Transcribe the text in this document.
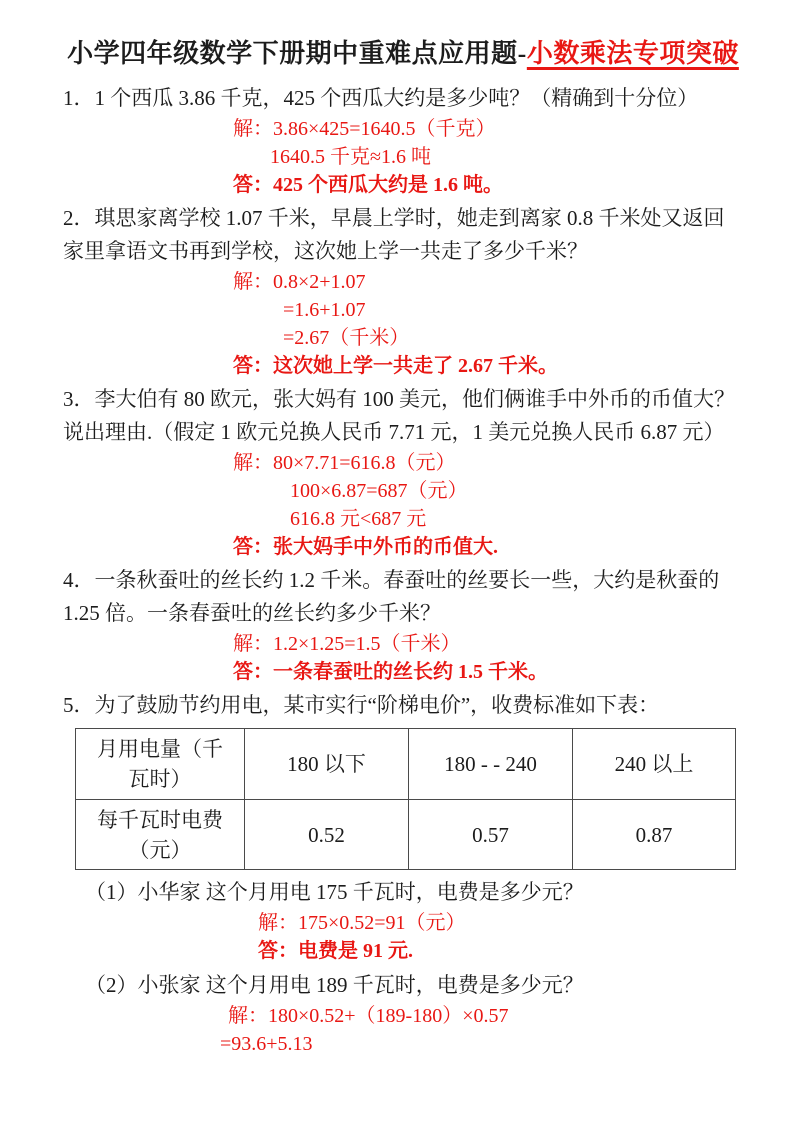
小学四年级数学下册期中重难点应用题-小数乘法专项突破
1．1 个西瓜 3.86 千克，425 个西瓜大约是多少吨？（精确到十分位）
解：3.86×425=1640.5（千克）
1640.5 千克≈1.6 吨
答：425 个西瓜大约是 1.6 吨。
2．琪思家离学校 1.07 千米，早晨上学时，她走到离家 0.8 千米处又返回
家里拿语文书再到学校，这次她上学一共走了多少千米？
解：0.8×2+1.07
=1.6+1.07
=2.67（千米）
答：这次她上学一共走了 2.67 千米。
3．李大伯有 80 欧元，张大妈有 100 美元，他们俩谁手中外币的币值大？
说出理由.（假定 1 欧元兑换人民币 7.71 元，1 美元兑换人民币 6.87 元）
解：80×7.71=616.8（元）
100×6.87=687（元）
616.8 元<687 元
答：张大妈手中外币的币值大.
4．一条秋蚕吐的丝长约 1.2 千米。春蚕吐的丝要长一些，大约是秋蚕的
1.25 倍。一条春蚕吐的丝长约多少千米？
解：1.2×1.25=1.5（千米）
答：一条春蚕吐的丝长约 1.5 千米。
5．为了鼓励节约用电，某市实行“阶梯电价”，收费标准如下表：
月用电量（千瓦时）	180 以下	180 - - 240	240 以上
每千瓦时电费（元）	0.52	0.57	0.87
（1）小华家 这个月用电 175 千瓦时，电费是多少元？
解：175×0.52=91（元）
答：电费是 91 元.
（2）小张家 这个月用电 189 千瓦时，电费是多少元？
解：180×0.52+（189-180）×0.57
=93.6+5.13
